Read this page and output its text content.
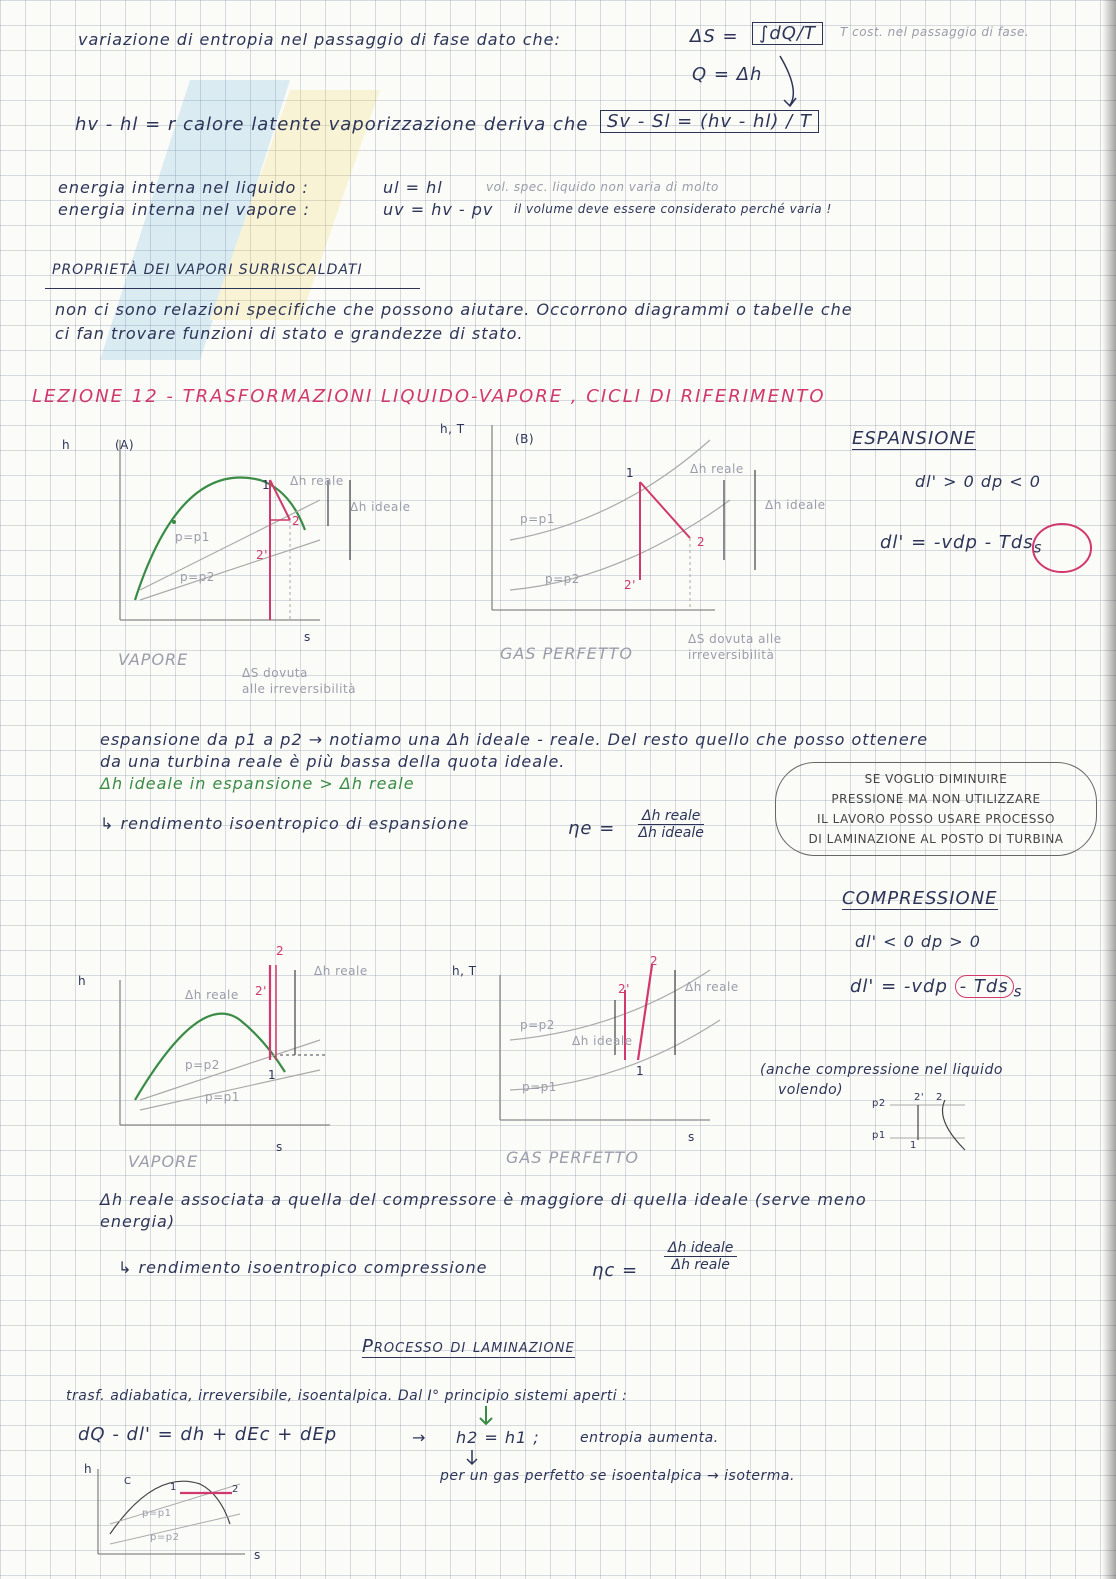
variazione di entropia nel passaggio di fase dato che:	ΔS =	∫dQ/T	T cost. nel passaggio di fase.
Q = Δh
hv - hl = r calore latente vaporizzazione deriva che	Sv - Sl = (hv - hl) / T
energia interna nel liquido :	ul = hl	vol. spec. liquido non varia di molto
energia interna nel vapore :	uv = hv - pv il volume deve essere considerato perché varia !
PROPRIETÀ DEI VAPORI SURRISCALDATI
non ci sono relazioni specifiche che possono aiutare. Occorrono diagrammi o tabelle che
ci fan trovare funzioni di stato e grandezze di stato.
LEZIONE 12 - TRASFORMAZIONI LIQUIDO-VAPORE , CICLI DI RIFERIMENTO
h	(A)
s
p=p1
p=p2
Δh reale
Δh ideale
1
2
2'
VAPORE
ΔS dovuta
alle irreversibilità
h, T
(B)
p=p1
p=p2
Δh reale
Δh ideale
1
2
2'
GAS PERFETTO
ΔS dovuta alle
irreversibilità
ESPANSIONE
dl' > 0 dp < 0
dl' = -vdp - Tds$_s$
espansione da p1 a p2 → notiamo una Δh ideale - reale. Del resto quello che posso ottenere
da una turbina reale è più bassa della quota ideale.
Δh ideale in espansione > Δh reale
↳ rendimento isoentropico di espansione	ηe =
Δh reale
Δh ideale
SE VOGLIO DIMINUIRE
PRESSIONE MA NON UTILIZZARE
IL LAVORO POSSO USARE PROCESSO
DI LAMINAZIONE AL POSTO DI TURBINA
COMPRESSIONE
dl' < 0 dp > 0
dl' = -vdp - Tds $_s$
h
s
p=p2
p=p1
Δh reale
Δh reale
2
2'
1
VAPORE
h, T
s
p=p2
p=p1
Δh ideale
Δh reale
2
2'
1
GAS PERFETTO
(anche compressione nel liquido
volendo)
p2
p1
1
2
2'
Δh reale associata a quella del compressore è maggiore di quella ideale (serve meno
energia)
↳ rendimento isoentropico compressione	ηc =
Δh ideale
Δh reale
Processo di laminazione
trasf. adiabatica, irreversibile, isoentalpica. Dal I° principio sistemi aperti :
dQ - dl' = dh + dEc + dEp	→ h2 = h1 ;	entropia aumenta.
per un gas perfetto se isoentalpica → isoterma.
h
s
p=p1
p=p2
1	2
C
